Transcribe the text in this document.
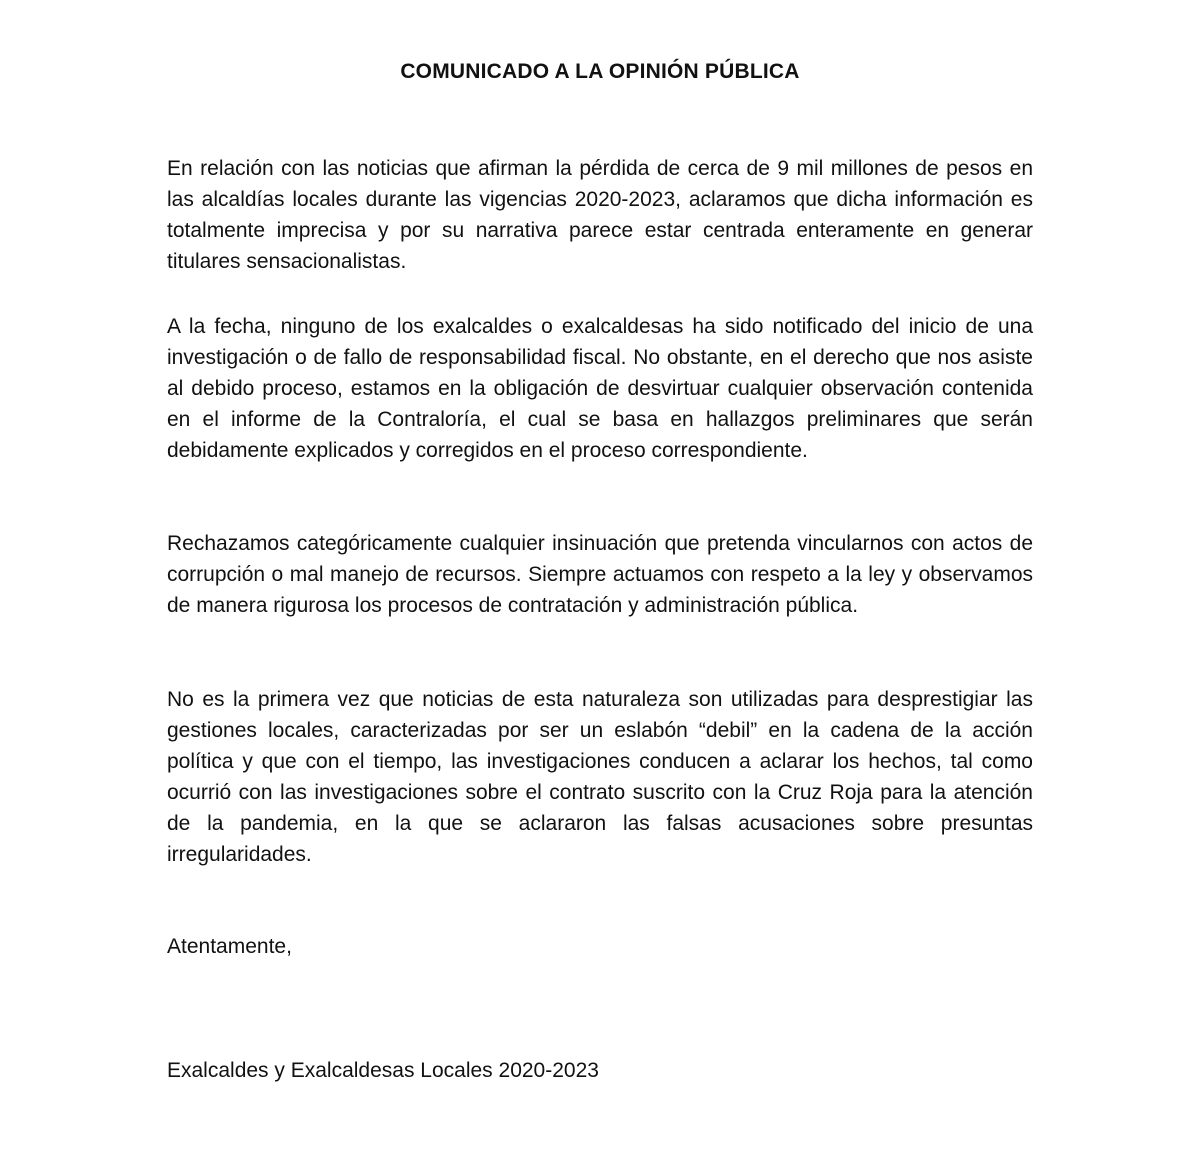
COMUNICADO A LA OPINIÓN PÚBLICA

En relación con las noticias que afirman la pérdida de cerca de 9 mil millones de pesos en las alcaldías locales durante las vigencias 2020-2023, aclaramos que dicha información es totalmente imprecisa y por su narrativa parece estar centrada enteramente en generar titulares sensacionalistas.

A la fecha, ninguno de los exalcaldes o exalcaldesas ha sido notificado del inicio de una investigación o de fallo de responsabilidad fiscal. No obstante, en el derecho que nos asiste al debido proceso, estamos en la obligación de desvirtuar cualquier observación contenida en el informe de la Contraloría, el cual se basa en hallazgos preliminares que serán debidamente explicados y corregidos en el proceso correspondiente.

Rechazamos categóricamente cualquier insinuación que pretenda vincularnos con actos de corrupción o mal manejo de recursos. Siempre actuamos con respeto a la ley y observamos de manera rigurosa los procesos de contratación y administración pública.

No es la primera vez que noticias de esta naturaleza son utilizadas para desprestigiar las gestiones locales, caracterizadas por ser un eslabón “debil” en la cadena de la acción política y que con el tiempo, las investigaciones conducen a aclarar los hechos, tal como ocurrió con las investigaciones sobre el contrato suscrito con la Cruz Roja para la atención de la pandemia, en la que se aclararon las falsas acusaciones sobre presuntas irregularidades.

Atentamente,
Exalcaldes y Exalcaldesas Locales 2020-2023
